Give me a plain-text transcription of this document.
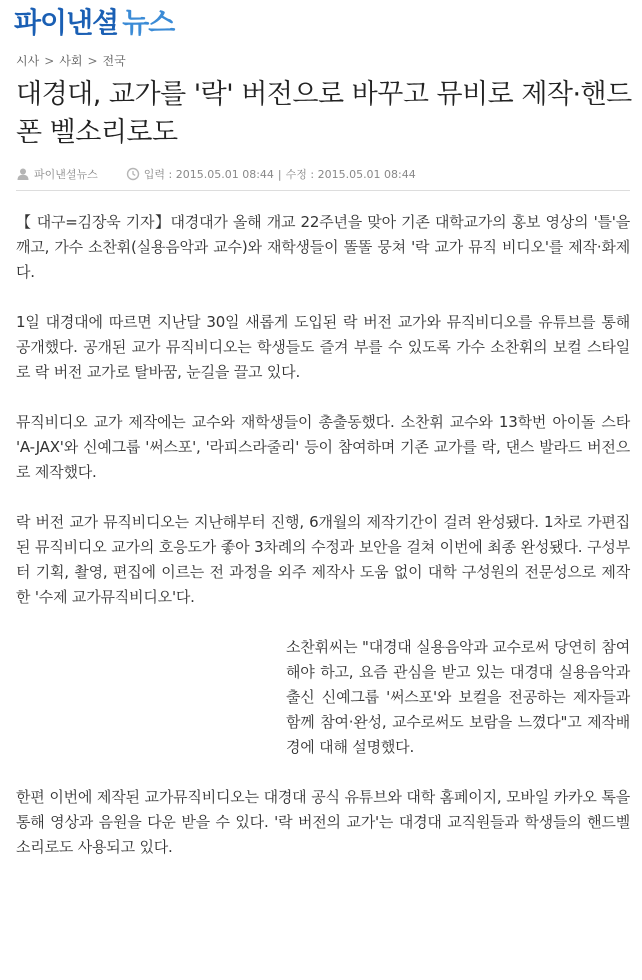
파이낸셜 뉴스
시사 > 사회 > 전국
대경대, 교가를 '락' 버전으로 바꾸고 뮤비로 제작·핸드폰 벨소리로도
파이낸셜뉴스	입력 : 2015.05.01 08:44 | 수정 : 2015.05.01 08:44

【 대구=김장욱 기자】대경대가 올해 개교 22주년을 맞아 기존 대학교가의 홍보 영상의 '틀'을 깨고, 가수 소찬휘(실용음악과 교수)와 재학생들이 똘똘 뭉쳐 '락 교가 뮤직 비디오'를 제작·화제다.

1일 대경대에 따르면 지난달 30일 새롭게 도입된 락 버전 교가와 뮤직비디오를 유튜브를 통해 공개했다. 공개된 교가 뮤직비디오는 학생들도 즐겨 부를 수 있도록 가수 소찬휘의 보컬 스타일로 락 버전 교가로 탈바꿈, 눈길을 끌고 있다.

뮤직비디오 교가 제작에는 교수와 재학생들이 총출동했다. 소찬휘 교수와 13학번 아이돌 스타 'A-JAX'와 신예그룹 '써스포', '라피스라줄리' 등이 참여하며 기존 교가를 락, 댄스 발라드 버전으로 제작했다.

락 버전 교가 뮤직비디오는 지난해부터 진행, 6개월의 제작기간이 걸려 완성됐다. 1차로 가편집된 뮤직비디오 교가의 호응도가 좋아 3차례의 수정과 보안을 걸쳐 이번에 최종 완성됐다. 구성부터 기획, 촬영, 편집에 이르는 전 과정을 외주 제작사 도움 없이 대학 구성원의 전문성으로 제작한 '수제 교가뮤직비디오'다.

소찬휘씨는 "대경대 실용음악과 교수로써 당연히 참여해야 하고, 요즘 관심을 받고 있는 대경대 실용음악과 출신 신예그룹 '써스포'와 보컬을 전공하는 제자들과 함께 참여·완성, 교수로써도 보람을 느꼈다"고 제작배경에 대해 설명했다.

한편 이번에 제작된 교가뮤직비디오는 대경대 공식 유튜브와 대학 홈페이지, 모바일 카카오 톡을 통해 영상과 음원을 다운 받을 수 있다. '락 버전의 교가'는 대경대 교직원들과 학생들의 핸드벨소리로도 사용되고 있다.
